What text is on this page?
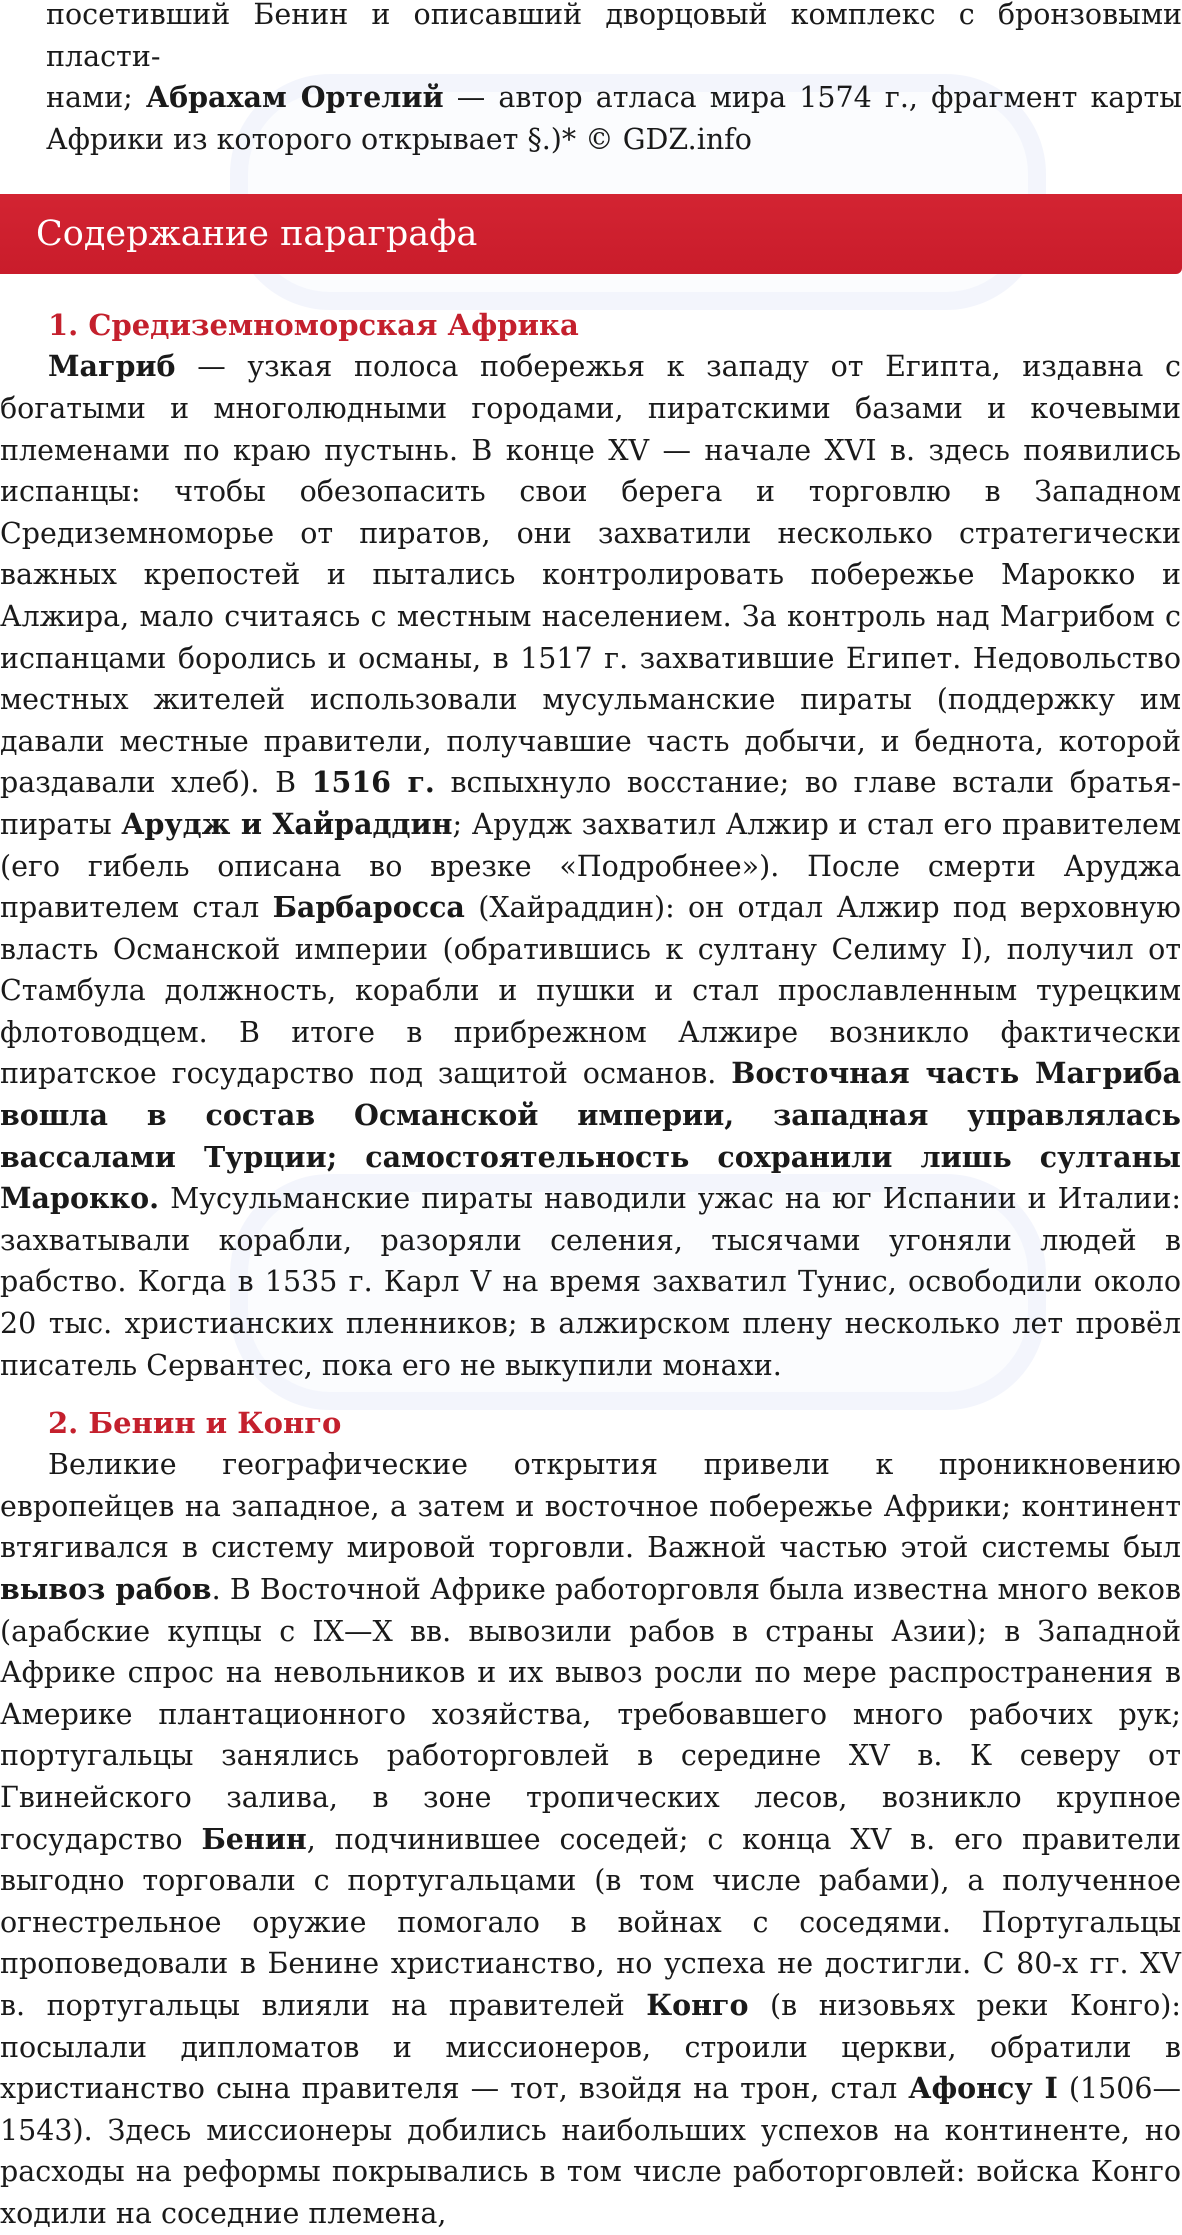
посетивший Бенин и описавший дворцовый комплекс с бронзовыми пласти-

нами; Абрахам Ортелий — автор атласа мира 1574 г., фрагмент карты

Африки из которого открывает §.)* © GDZ.info

Содержание параграфа
1. Средиземноморская Африка

Магриб — узкая полоса побережья к западу от Египта, издавна с богатыми и многолюдными городами, пиратскими базами и кочевыми племенами по краю пустынь. В конце XV — начале XVI в. здесь появились испанцы: чтобы обезопасить свои берега и торговлю в Западном Средиземноморье от пиратов, они захватили несколько стратегически важных крепостей и пытались контролировать побережье Марокко и Алжира, мало считаясь с местным населением. За контроль над Магрибом с испанцами боролись и османы, в 1517 г. захватившие Египет. Недовольство местных жителей использовали мусульманские пираты (поддержку им давали местные правители, получавшие часть добычи, и беднота, которой раздавали хлеб). В 1516 г. вспыхнуло восстание; во главе встали братья-пираты Арудж и Хайраддин; Арудж захватил Алжир и стал его правителем (его гибель описана во врезке «Подробнее»). После смерти Аруджа правителем стал Барбаросса (Хайраддин): он отдал Алжир под верховную власть Османской империи (обратившись к султану Селиму I), получил от Стамбула должность, корабли и пушки и стал прославленным турецким флотоводцем. В итоге в прибрежном Алжире возникло фактически пиратское государство под защитой османов. Восточная часть Магриба вошла в состав Османской империи, западная управлялась вассалами Турции; самостоятельность сохранили лишь султаны Марокко. Мусульманские пираты наводили ужас на юг Испании и Италии: захватывали корабли, разоряли селения, тысячами угоняли людей в рабство. Когда в 1535 г. Карл V на время захватил Тунис, освободили около 20 тыс. христианских пленников; в алжирском плену несколько лет провёл писатель Сервантес, пока его не выкупили монахи.

2. Бенин и Конго

Великие географические открытия привели к проникновению европейцев на западное, а затем и восточное побережье Африки; континент втягивался в систему мировой торговли. Важной частью этой системы был вывоз рабов. В Восточной Африке работорговля была известна много веков (арабские купцы с IX—X вв. вывозили рабов в страны Азии); в Западной Африке спрос на невольников и их вывоз росли по мере распространения в Америке плантационного хозяйства, требовавшего много рабочих рук; португальцы занялись работорговлей в середине XV в. К северу от Гвинейского залива, в зоне тропических лесов, возникло крупное государство Бенин, подчинившее соседей; с конца XV в. его правители выгодно торговали с португальцами (в том числе рабами), а полученное огнестрельное оружие помогало в войнах с соседями. Португальцы проповедовали в Бенине христианство, но успеха не достигли. С 80-х гг. XV в. португальцы влияли на правителей Конго (в низовьях реки Конго): посылали дипломатов и миссионеров, строили церкви, обратили в христианство сына правителя — тот, взойдя на трон, стал Афонсу I (1506—1543). Здесь миссионеры добились наибольших успехов на континенте, но расходы на реформы покрывались в том числе работорговлей: войска Конго ходили на соседние племена,
